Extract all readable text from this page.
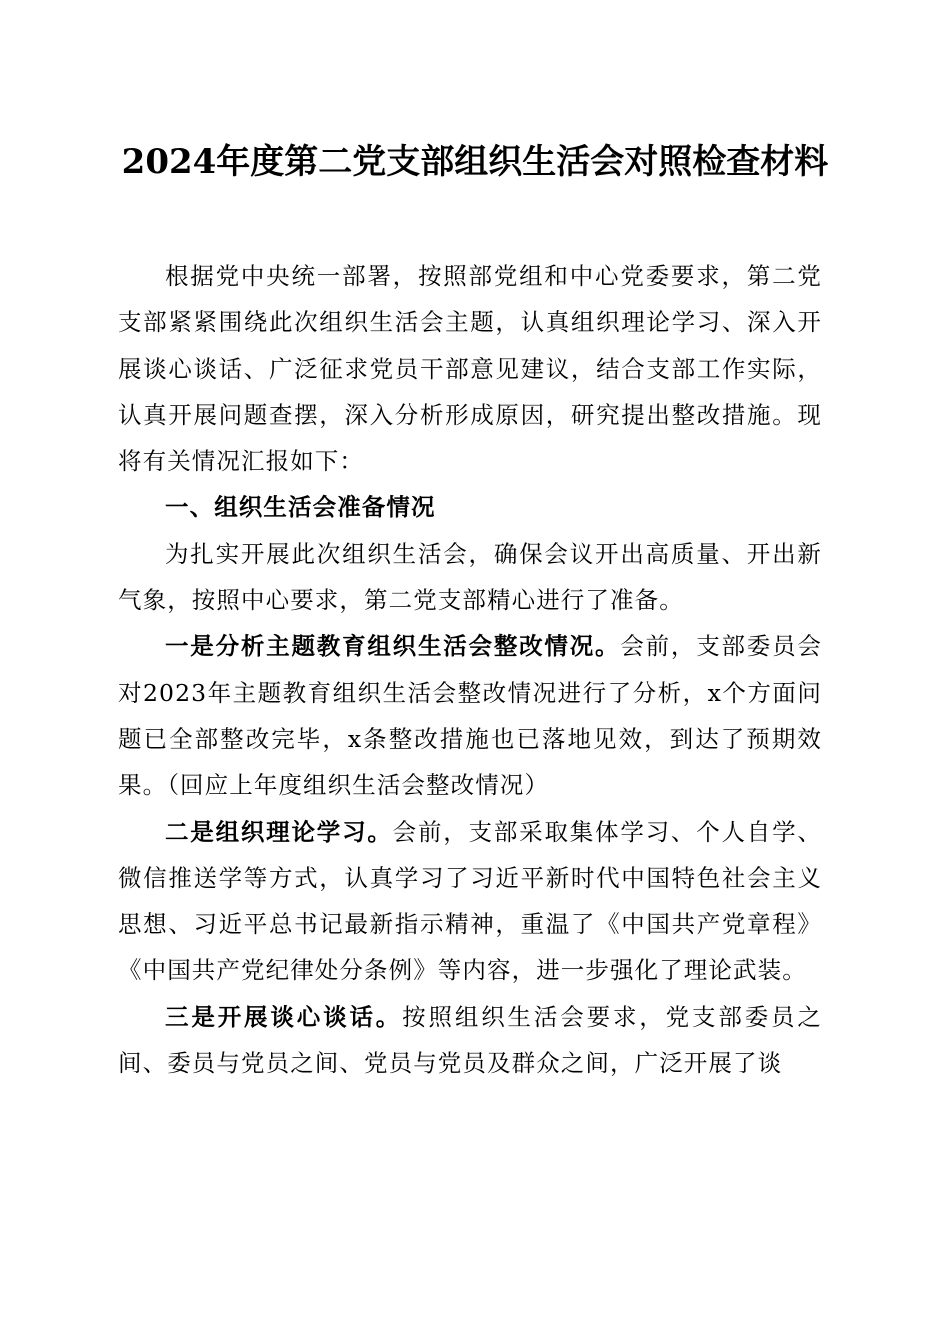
2024年度第二党支部组织生活会对照检查材料

根据党中央统一部署，按照部党组和中心党委要求，第二党支部紧紧围绕此次组织生活会主题，认真组织理论学习、深入开展谈心谈话、广泛征求党员干部意见建议，结合支部工作实际，认真开展问题查摆，深入分析形成原因，研究提出整改措施。现将有关情况汇报如下：

一、组织生活会准备情况

为扎实开展此次组织生活会，确保会议开出高质量、开出新气象，按照中心要求，第二党支部精心进行了准备。

一是分析主题教育组织生活会整改情况。会前，支部委员会对2023年主题教育组织生活会整改情况进行了分析，x个方面问题已全部整改完毕，x条整改措施也已落地见效，到达了预期效果。（回应上年度组织生活会整改情况）

二是组织理论学习。会前，支部采取集体学习、个人自学、微信推送学等方式，认真学习了习近平新时代中国特色社会主义思想、习近平总书记最新指示精神，重温了《中国共产党章程》《中国共产党纪律处分条例》等内容，进一步强化了理论武装。

三是开展谈心谈话。按照组织生活会要求，党支部委员之间、委员与党员之间、党员与党员及群众之间，广泛开展了谈
